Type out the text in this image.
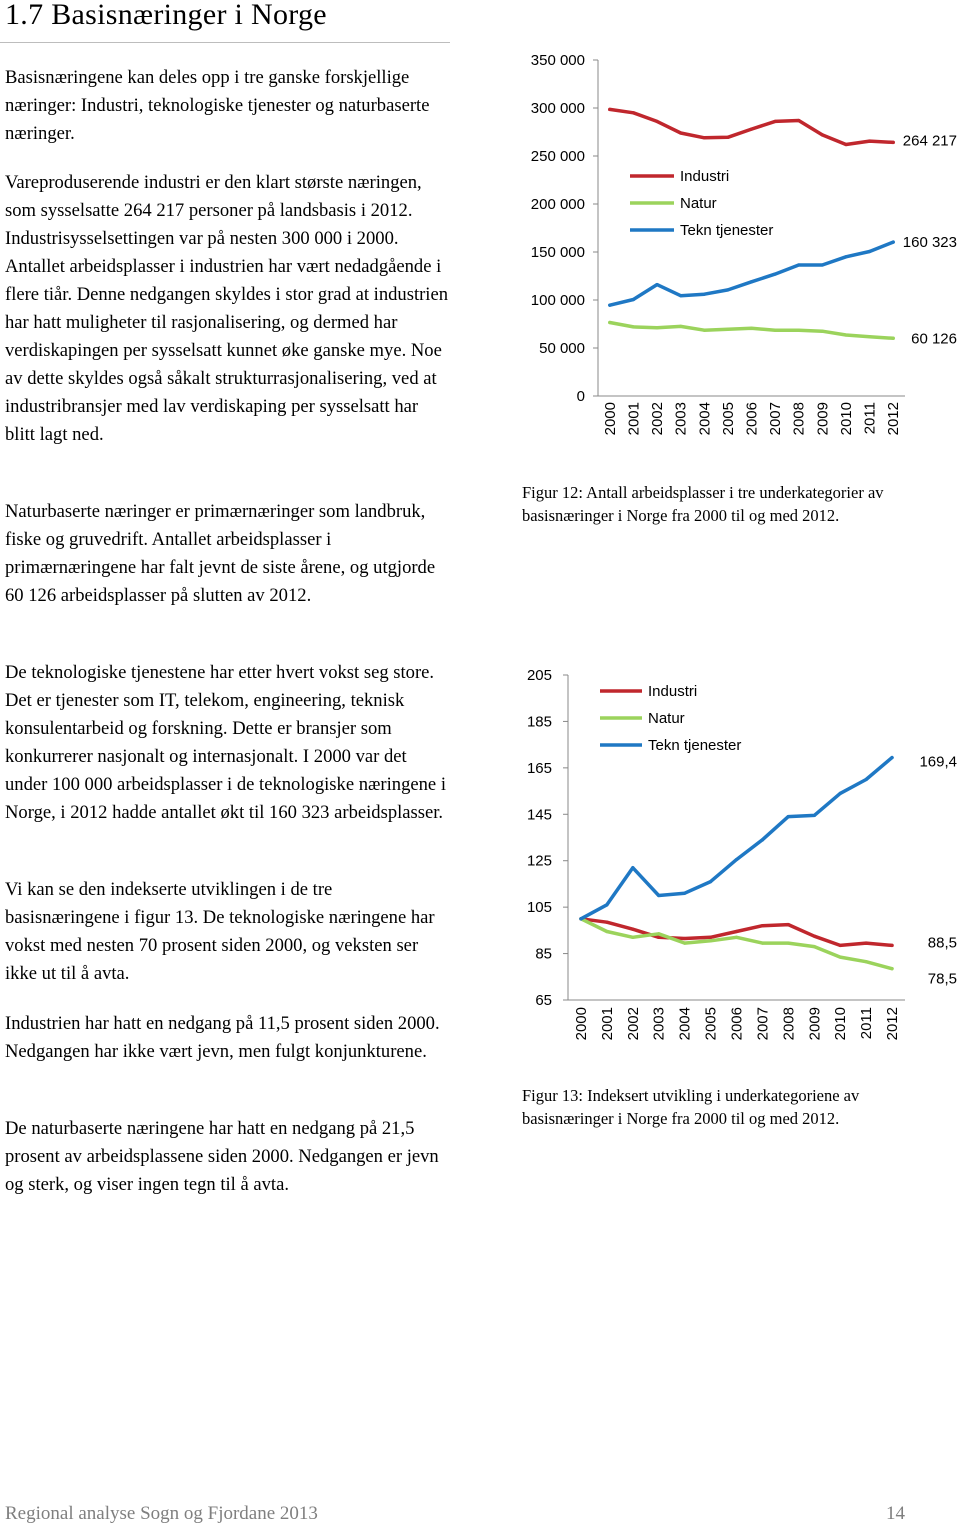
1.7 Basisnæringer i Norge

Basisnæringene kan deles opp i tre ganske forskjellige næringer: Industri, teknologiske tjenester og naturbaserte næringer.

Vareproduserende industri er den klart største næringen, som sysselsatte 264 217 personer på landsbasis i 2012. Industrisysselsettingen var på nesten 300 000 i 2000. Antallet arbeidsplasser i industrien har vært nedadgående i flere tiår. Denne nedgangen skyldes i stor grad at industrien har hatt muligheter til rasjonalisering, og dermed har verdiskapingen per sysselsatt kunnet øke ganske mye. Noe av dette skyldes også såkalt strukturrasjonalisering, ved at industribransjer med lav verdiskaping per sysselsatt har blitt lagt ned.

Naturbaserte næringer er primærnæringer som landbruk, fiske og gruvedrift. Antallet arbeidsplasser i primærnæringene har falt jevnt de siste årene, og utgjorde 60 126 arbeidsplasser på slutten av 2012.

De teknologiske tjenestene har etter hvert vokst seg store. Det er tjenester som IT, telekom, engineering, teknisk konsulentarbeid og forskning. Dette er bransjer som konkurrerer nasjonalt og internasjonalt. I 2000 var det under 100 000 arbeidsplasser i de teknologiske næringene i Norge, i 2012 hadde antallet økt til 160 323 arbeidsplasser.

Vi kan se den indekserte utviklingen i de tre basisnæringene i figur 13. De teknologiske næringene har vokst med nesten 70 prosent siden 2000, og veksten ser ikke ut til å avta.

Industrien har hatt en nedgang på 11,5 prosent siden 2000. Nedgangen har ikke vært jevn, men fulgt konjunkturene.

De naturbaserte næringene har hatt en nedgang på 21,5 prosent av arbeidsplassene siden 2000. Nedgangen er jevn og sterk, og viser ingen tegn til å avta.

0
50 000
100 000
150 000
200 000
250 000
300 000
350 000
2000 2001 2002 2003 2004 2005 2006 2007 2008 2009 2010 2011 2012
264 217
60 126
160 323
Industri
Natur
Tekn tjenester

Figur 12: Antall arbeidsplasser i tre underkategorier av basisnæringer i Norge fra 2000 til og med 2012.

65
85
105
125
145
165
185
205
2000 2001 2002 2003 2004 2005 2006 2007 2008 2009 2010 2011 2012
88,5
78,5
169,4
Industri
Natur
Tekn tjenester

Figur 13: Indeksert utvikling i underkategoriene av basisnæringer i Norge fra 2000 til og med 2012.

Regional analyse Sogn og Fjordane 2013	14
